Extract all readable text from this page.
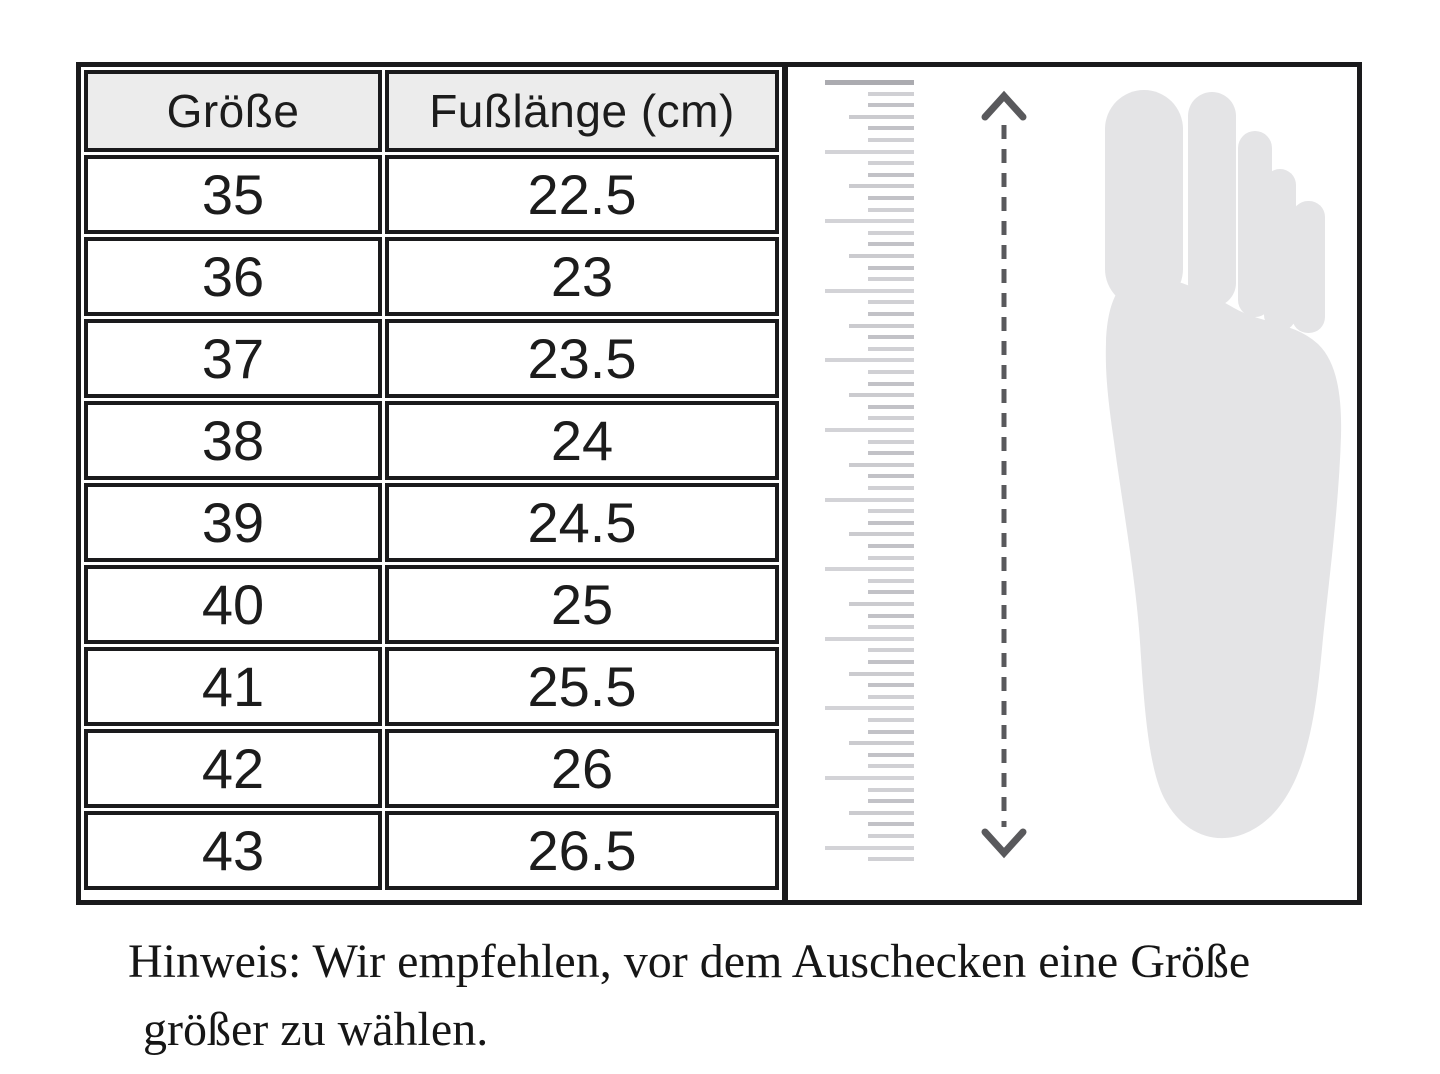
Größe	Fußlänge (cm)
35	22.5
36	23
37	23.5
38	24
39	24.5
40	25
41	25.5
42	26
43	26.5
Hinweis: Wir empfehlen, vor dem Auschecken eine Größe
größer zu wählen.
